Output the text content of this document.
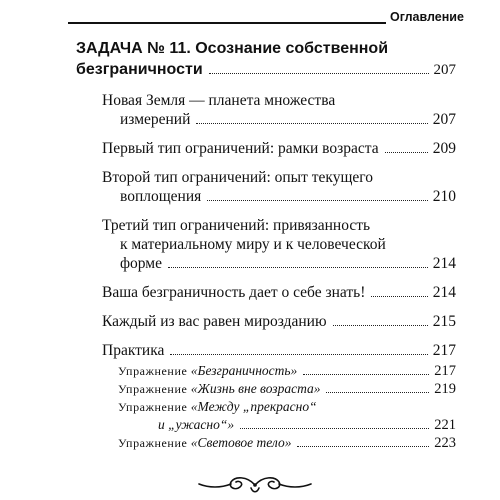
Оглавление
ЗАДАЧА № 11. Осознание собственной
безграничности	207
Новая Земля — планета множества
измерений	207
Первый тип ограничений: рамки возраста	209
Второй тип ограничений: опыт текущего
воплощения	210
Третий тип ограничений: привязанность
к материальному миру и к человеческой
форме	214
Ваша безграничность дает о себе знать!	214
Каждый из вас равен мирозданию	215
Практика	217
Упражнение
«Безграничность»	217
Упражнение
«Жизнь вне возраста»	219
Упражнение «Между „прекрасно“
и „ужасно“»	221
Упражнение
«Световое тело»	223
